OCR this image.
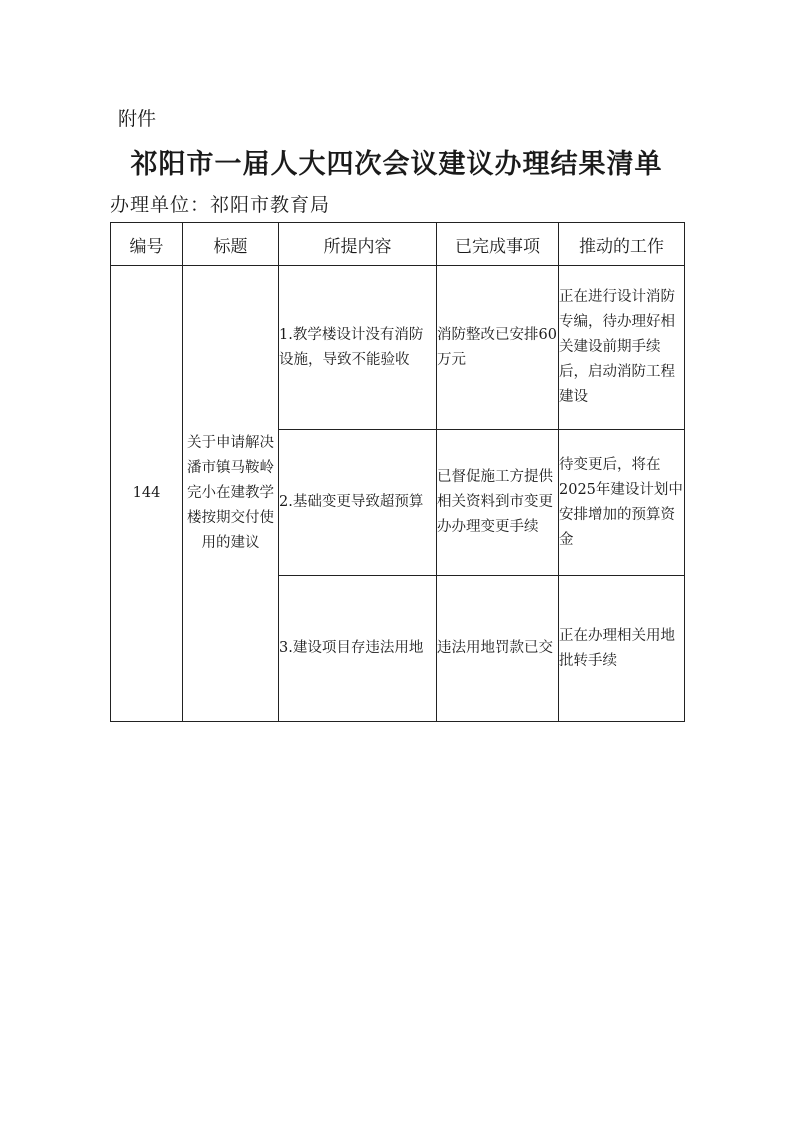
附件
祁阳市一届人大四次会议建议办理结果清单
办理单位：祁阳市教育局
编号	标题	所提内容	已完成事项	推动的工作
144	关于申请解决潘市镇马鞍岭完小在建教学楼按期交付使用的建议	1.教学楼设计没有消防设施，导致不能验收	消防整改已安排60万元	正在进行设计消防专编，待办理好相关建设前期手续后，启动消防工程建设
		2.基础变更导致超预算	已督促施工方提供相关资料到市变更办办理变更手续	待变更后，将在2025年建设计划中安排增加的预算资金
		3.建设项目存违法用地	违法用地罚款已交	正在办理相关用地批转手续
